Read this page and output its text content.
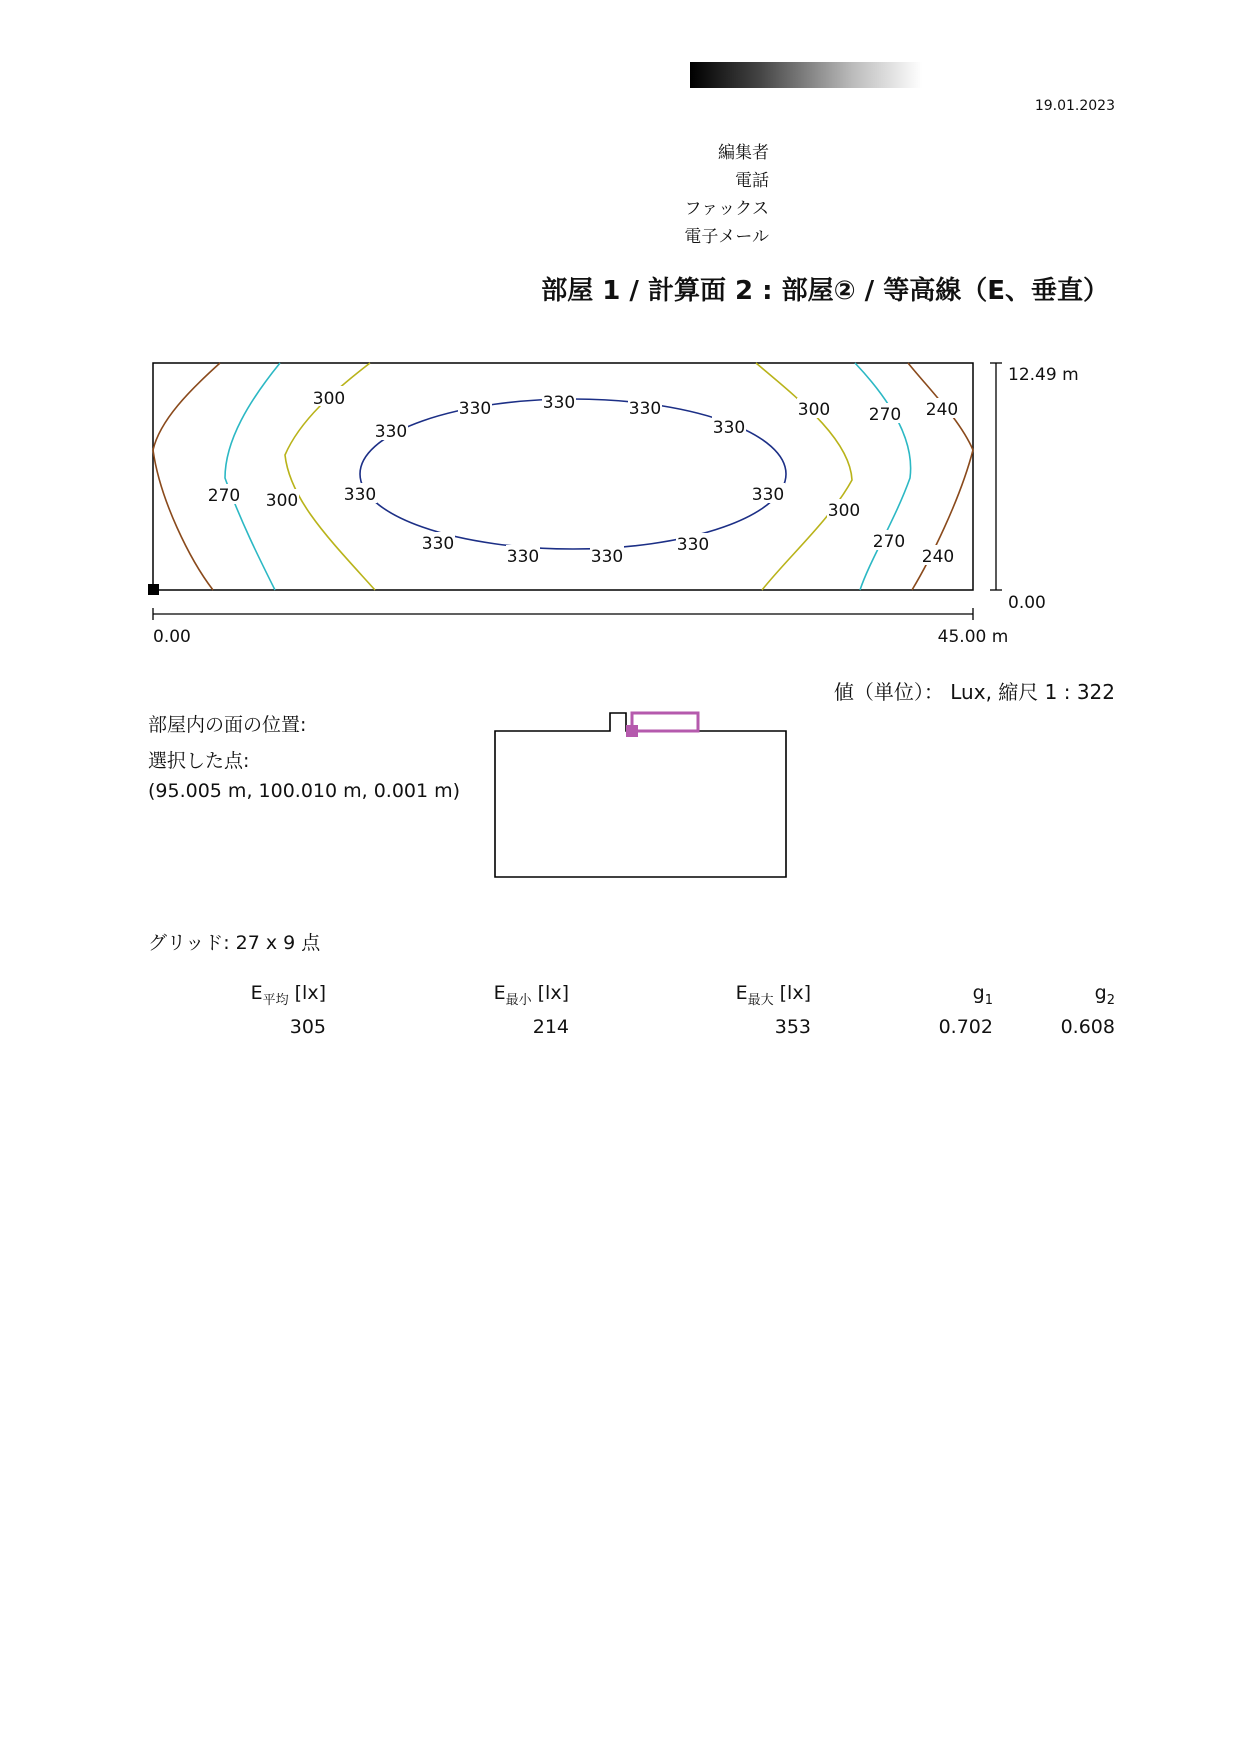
19.01.2023
編集者
電話
ファックス
電子メール
部屋 1 / 計算面 2 : 部屋② / 等高線（E、垂直）
300	330	330	330
330	330
300 270 240
270 300	330	330
300
330
330	330
330	270
240
12.49 m
0.00
0.00	45.00 m
値（単位）： Lux, 縮尺 1 : 322
部屋内の面の位置:
選択した点:
(95.005 m, 100.010 m, 0.001 m)
グリッド: 27 x 9 点
$E_{平均}$ [lx]	$E_{最小}$ [lx]	$E_{最大}$ [lx]	$g_1$	$g_2$
305	214	353	0.702	0.608
